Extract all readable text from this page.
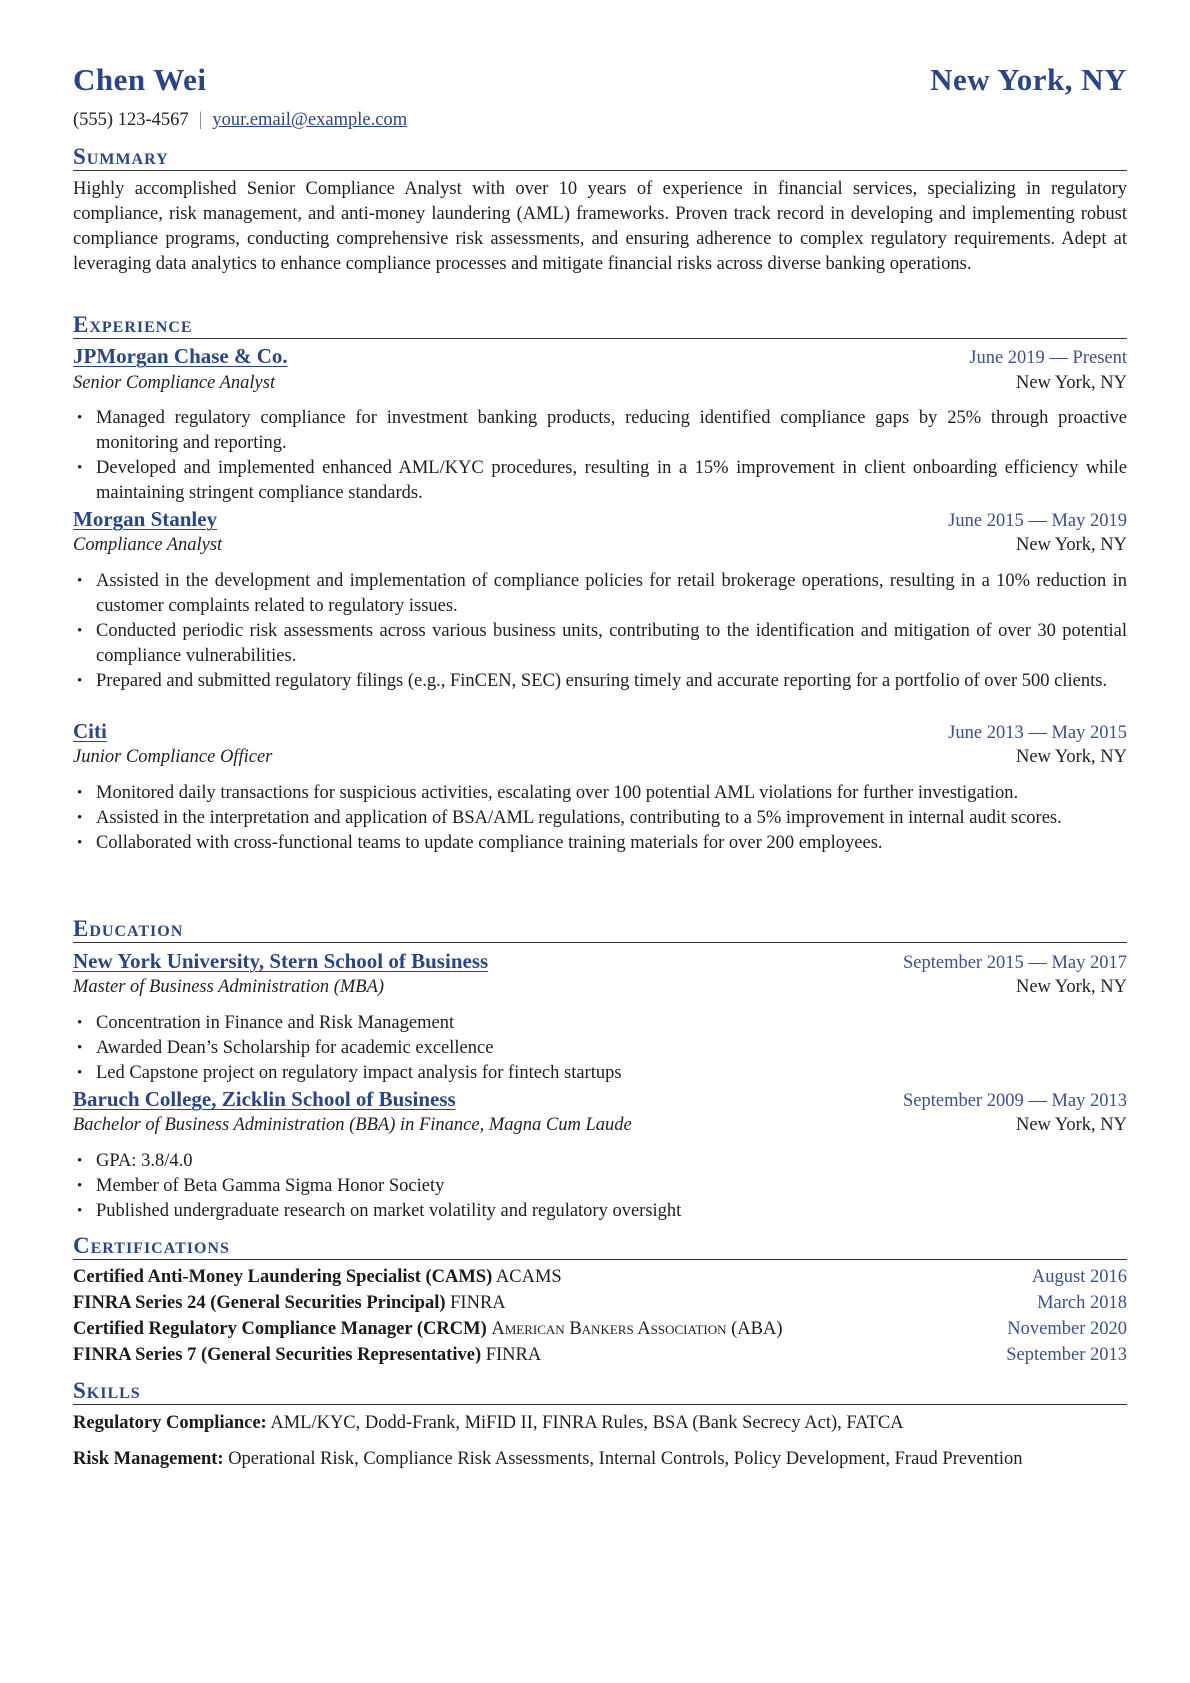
Chen Wei	New York, NY
(555) 123-4567 | your.email@example.com
Summary
Highly accomplished Senior Compliance Analyst with over 10 years of experience in financial services, specializing in regulatory compliance, risk management, and anti-money laundering (AML) frameworks. Proven track record in developing and implementing robust compliance programs, conducting comprehensive risk assessments, and ensuring adherence to complex regulatory requirements. Adept at leveraging data analytics to enhance compliance processes and mitigate financial risks across diverse banking operations.
Experience
JPMorgan Chase & Co.	June 2019 — Present
Senior Compliance Analyst	New York, NY
• Managed regulatory compliance for investment banking products, reducing identified compliance gaps by 25% through proactive monitoring and reporting.
• Developed and implemented enhanced AML/KYC procedures, resulting in a 15% improvement in client onboarding efficiency while maintaining stringent compliance standards.
Morgan Stanley	June 2015 — May 2019
Compliance Analyst	New York, NY
• Assisted in the development and implementation of compliance policies for retail brokerage operations, resulting in a 10% reduction in customer complaints related to regulatory issues.
• Conducted periodic risk assessments across various business units, contributing to the identification and mitigation of over 30 potential compliance vulnerabilities.
• Prepared and submitted regulatory filings (e.g., FinCEN, SEC) ensuring timely and accurate reporting for a portfolio of over 500 clients.
Citi	June 2013 — May 2015
Junior Compliance Officer	New York, NY
• Monitored daily transactions for suspicious activities, escalating over 100 potential AML violations for further investigation.
• Assisted in the interpretation and application of BSA/AML regulations, contributing to a 5% improvement in internal audit scores.
• Collaborated with cross-functional teams to update compliance training materials for over 200 employees.
Education
New York University, Stern School of Business	September 2015 — May 2017
Master of Business Administration (MBA)	New York, NY
• Concentration in Finance and Risk Management
• Awarded Dean’s Scholarship for academic excellence
• Led Capstone project on regulatory impact analysis for fintech startups
Baruch College, Zicklin School of Business	September 2009 — May 2013
Bachelor of Business Administration (BBA) in Finance, Magna Cum Laude	New York, NY
• GPA: 3.8/4.0
• Member of Beta Gamma Sigma Honor Society
• Published undergraduate research on market volatility and regulatory oversight
Certifications
Certified Anti-Money Laundering Specialist (CAMS) ACAMS	August 2016
FINRA Series 24 (General Securities Principal) FINRA	March 2018
Certified Regulatory Compliance Manager (CRCM) American Bankers Association (ABA)	November 2020
FINRA Series 7 (General Securities Representative) FINRA	September 2013
Skills
Regulatory Compliance: AML/KYC, Dodd-Frank, MiFID II, FINRA Rules, BSA (Bank Secrecy Act), FATCA
Risk Management: Operational Risk, Compliance Risk Assessments, Internal Controls, Policy Development, Fraud Prevention
